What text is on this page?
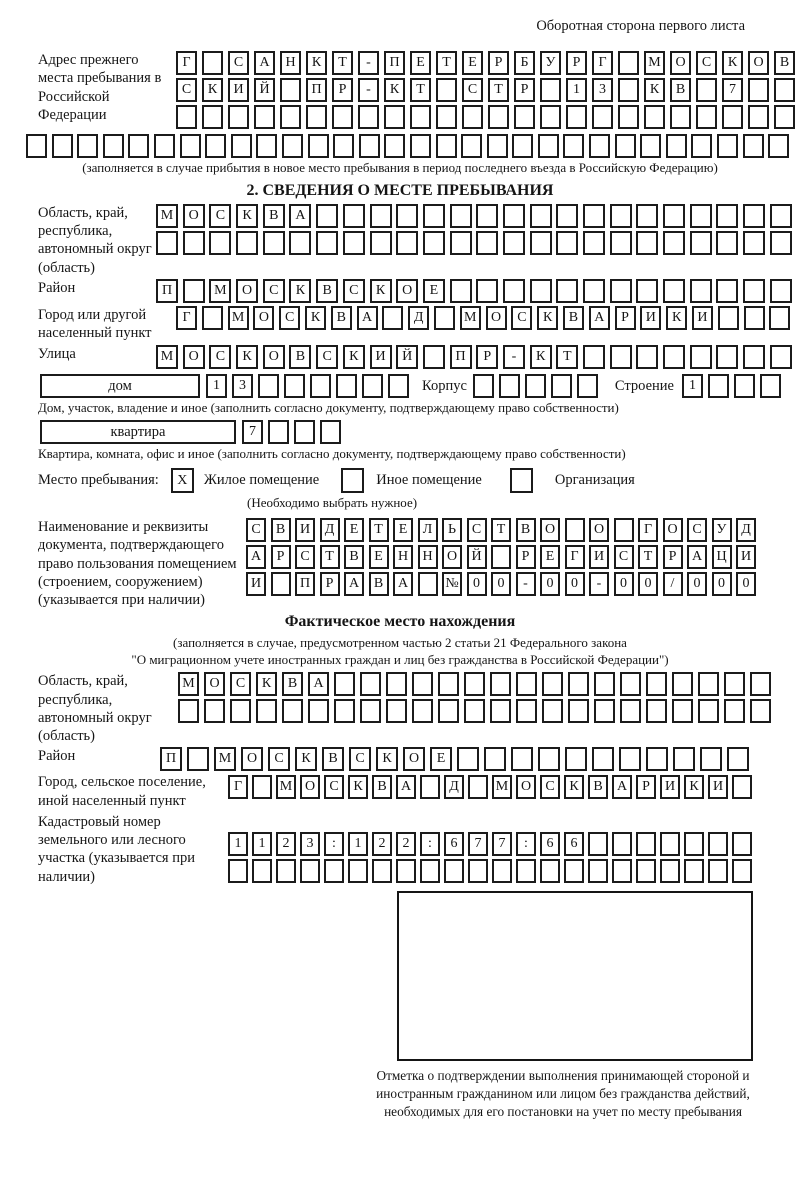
Оборотная сторона первого листа
Адрес прежнего места пребывания в Российской Федерации
Г	С	А	Н	К	Т	-	П	Е	Т	Е	Р	Б	У	Р	Г	М	О	С	К	О	В
С	К	И	Й	П	Р	-	К	Т	С	Т	Р	1	3	К	В	7
(заполняется в случае прибытия в новое место пребывания в период последнего въезда в Российскую Федерацию)
2. СВЕДЕНИЯ О МЕСТЕ ПРЕБЫВАНИЯ
Область, край, республика, автономный округ (область)
М	О	С	К	В	А
Район	П	М	О	С	К	В	С	К	О	Е
Город или другой населенный пункт
Г	М	О	С	К	В	А	Д	М	О	С	К	В	А	Р	И	К	И
Улица	М	О	С	К	О	В	С	К	И	Й	П	Р	-	К	Т
дом	1	3	Корпус	Строение	1
Дом, участок, владение и иное (заполнить согласно документу, подтверждающему право собственности)
квартира	7
Квартира, комната, офис и иное (заполнить согласно документу, подтверждающему право собственности)
Место пребывания:	X	Жилое помещение	Иное помещение	Организация
(Необходимо выбрать нужное)
Наименование и реквизиты документа, подтверждающего право пользования помещением (строением, сооружением) (указывается при наличии)
С	В	И	Д	Е	Т	Е	Л	Ь	С	Т	В	О	О	Г	О	С	У	Д
А	Р	С	Т	В	Е	Н	Н	О	Й	Р	Е	Г	И	С	Т	Р	А	Ц	И
И	П	Р	А	В	А	№	0	0	-	0	0	-	0	0	/	0	0	0
Фактическое место нахождения
(заполняется в случае, предусмотренном частью 2 статьи 21 Федерального закона
"О миграционном учете иностранных граждан и лиц без гражданства в Российской Федерации")
Область, край, республика, автономный округ (область)
М	О	С	К	В	А
Район	П	М	О	С	К	В	С	К	О	Е
Город, сельское поселение, иной населенный пункт
Г	М О	С	К	В	А	Д	М О	С	К	В	А	Р	И	К	И
Кадастровый номер земельного или лесного участка (указывается при наличии)
1	1	2	3	:	1	2	2	:	6	7	7	:	6	6
Отметка о подтверждении выполнения принимающей стороной и иностранным гражданином или лицом без гражданства действий, необходимых для его постановки на учет по месту пребывания
